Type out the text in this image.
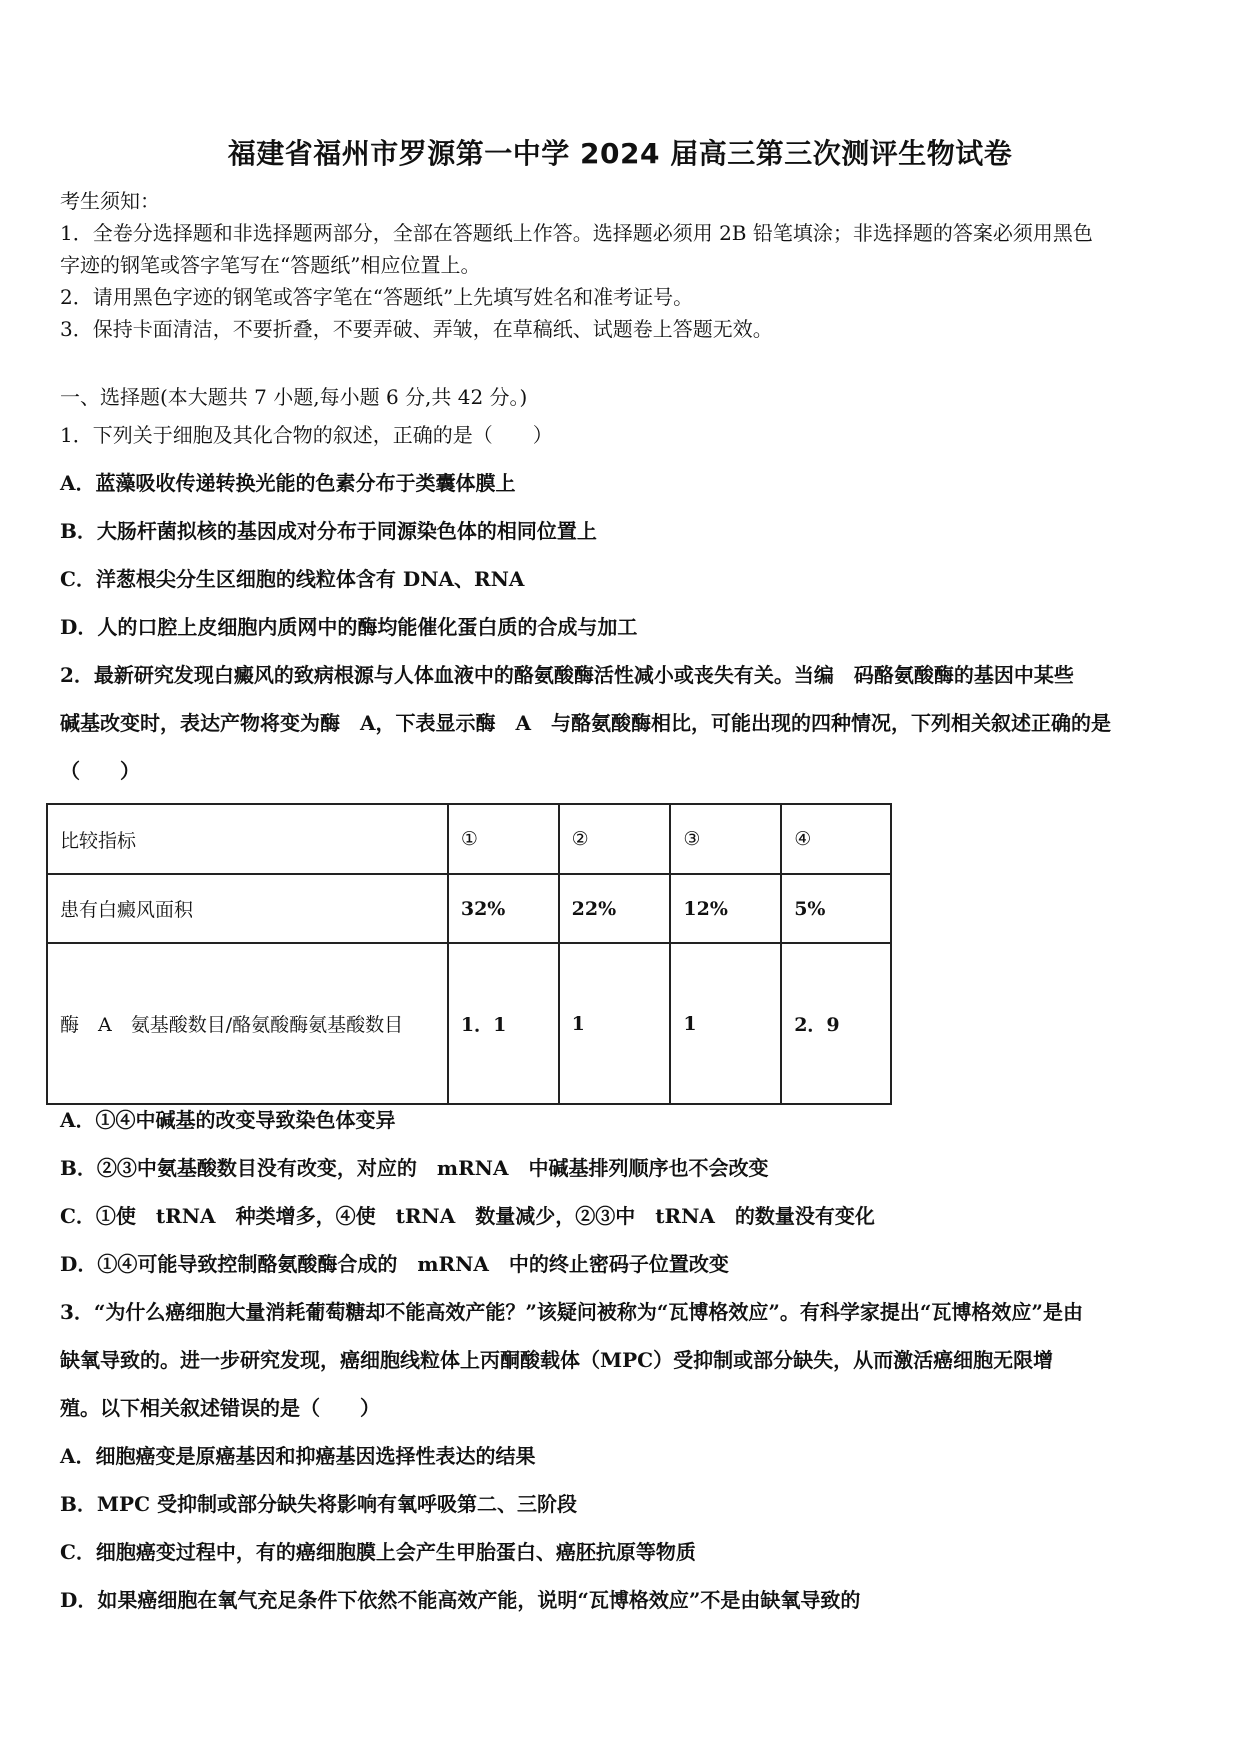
福建省福州市罗源第一中学 2024 届高三第三次测评生物试卷
考生须知：
1．全卷分选择题和非选择题两部分，全部在答题纸上作答。选择题必须用 2B 铅笔填涂；非选择题的答案必须用黑色
字迹的钢笔或答字笔写在“答题纸”相应位置上。
2．请用黑色字迹的钢笔或答字笔在“答题纸”上先填写姓名和准考证号。
3．保持卡面清洁，不要折叠，不要弄破、弄皱，在草稿纸、试题卷上答题无效。
一、选择题(本大题共 7 小题,每小题 6 分,共 42 分。)
1．下列关于细胞及其化合物的叙述，正确的是（　　）
A．蓝藻吸收传递转换光能的色素分布于类囊体膜上
B．大肠杆菌拟核的基因成对分布于同源染色体的相同位置上
C．洋葱根尖分生区细胞的线粒体含有 DNA、RNA
D．人的口腔上皮细胞内质网中的酶均能催化蛋白质的合成与加工
2．最新研究发现白癜风的致病根源与人体血液中的酪氨酸酶活性减小或丧失有关。当编　码酪氨酸酶的基因中某些
碱基改变时，表达产物将变为酶　A，下表显示酶　A　与酪氨酸酶相比，可能出现的四种情况，下列相关叙述正确的是
（　　）
比较指标	①	②	③	④
患有白癜风面积	32%	22%	12%	5%
酶　A　氨基酸数目/酪氨酸酶氨基酸数目	1．1	1	1	2．9
A．①④中碱基的改变导致染色体变异
B．②③中氨基酸数目没有改变，对应的　mRNA　中碱基排列顺序也不会改变
C．①使　tRNA　种类增多，④使　tRNA　数量减少，②③中　tRNA　的数量没有变化
D．①④可能导致控制酪氨酸酶合成的　mRNA　中的终止密码子位置改变
3．“为什么癌细胞大量消耗葡萄糖却不能高效产能？”该疑问被称为“瓦博格效应”。有科学家提出“瓦博格效应”是由
缺氧导致的。进一步研究发现，癌细胞线粒体上丙酮酸载体（MPC）受抑制或部分缺失，从而激活癌细胞无限增
殖。以下相关叙述错误的是（　　）
A．细胞癌变是原癌基因和抑癌基因选择性表达的结果
B．MPC 受抑制或部分缺失将影响有氧呼吸第二、三阶段
C．细胞癌变过程中，有的癌细胞膜上会产生甲胎蛋白、癌胚抗原等物质
D．如果癌细胞在氧气充足条件下依然不能高效产能，说明“瓦博格效应”不是由缺氧导致的
